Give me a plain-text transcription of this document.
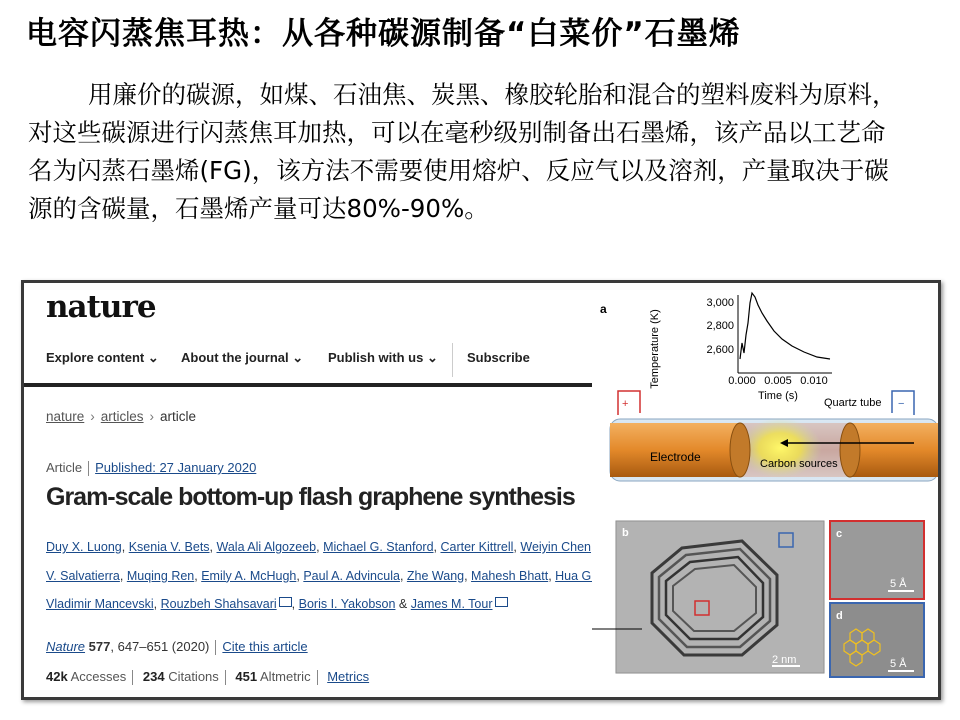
电容闪蒸焦耳热：从各种碳源制备“白菜价”石墨烯

用廉价的碳源，如煤、石油焦、炭黑、橡胶轮胎和混合的塑料废料为原料，对这些碳源进行闪蒸焦耳加热，可以在毫秒级别制备出石墨烯，该产品以工艺命名为闪蒸石墨烯(FG)，该方法不需要使用熔炉、反应气以及溶剂，产量取决于碳源的含碳量，石墨烯产量可达80%-90%。

nature
Explore content ⌄ About the journal ⌄ Publish with us ⌄ Subscribe
nature › articles › article
Article Published: 27 January 2020
Gram-scale bottom-up flash graphene synthesis
Duy X. Luong, Ksenia V. Bets, Wala Ali Algozeeb, Michael G. Stanford, Carter Kittrell, Weiyin Chen
V. Salvatierra, Muqing Ren, Emily A. McHugh, Paul A. Advincula, Zhe Wang, Mahesh Bhatt, Hua Guo
Vladimir Mancevski, Rouzbeh Shahsavari , Boris I. Yakobson & James M. Tour
Nature 577, 647–651 (2020) Cite this article
42k Accesses 234 Citations 451 Altmetric Metrics
a
Temperature (K)
3,000
2,800
2,600
0.000 0.005 0.010
Time (s)
Quartz tube
+	−
Electrode	Carbon sources
b
2 nm
c
5 Å
d
5 Å
